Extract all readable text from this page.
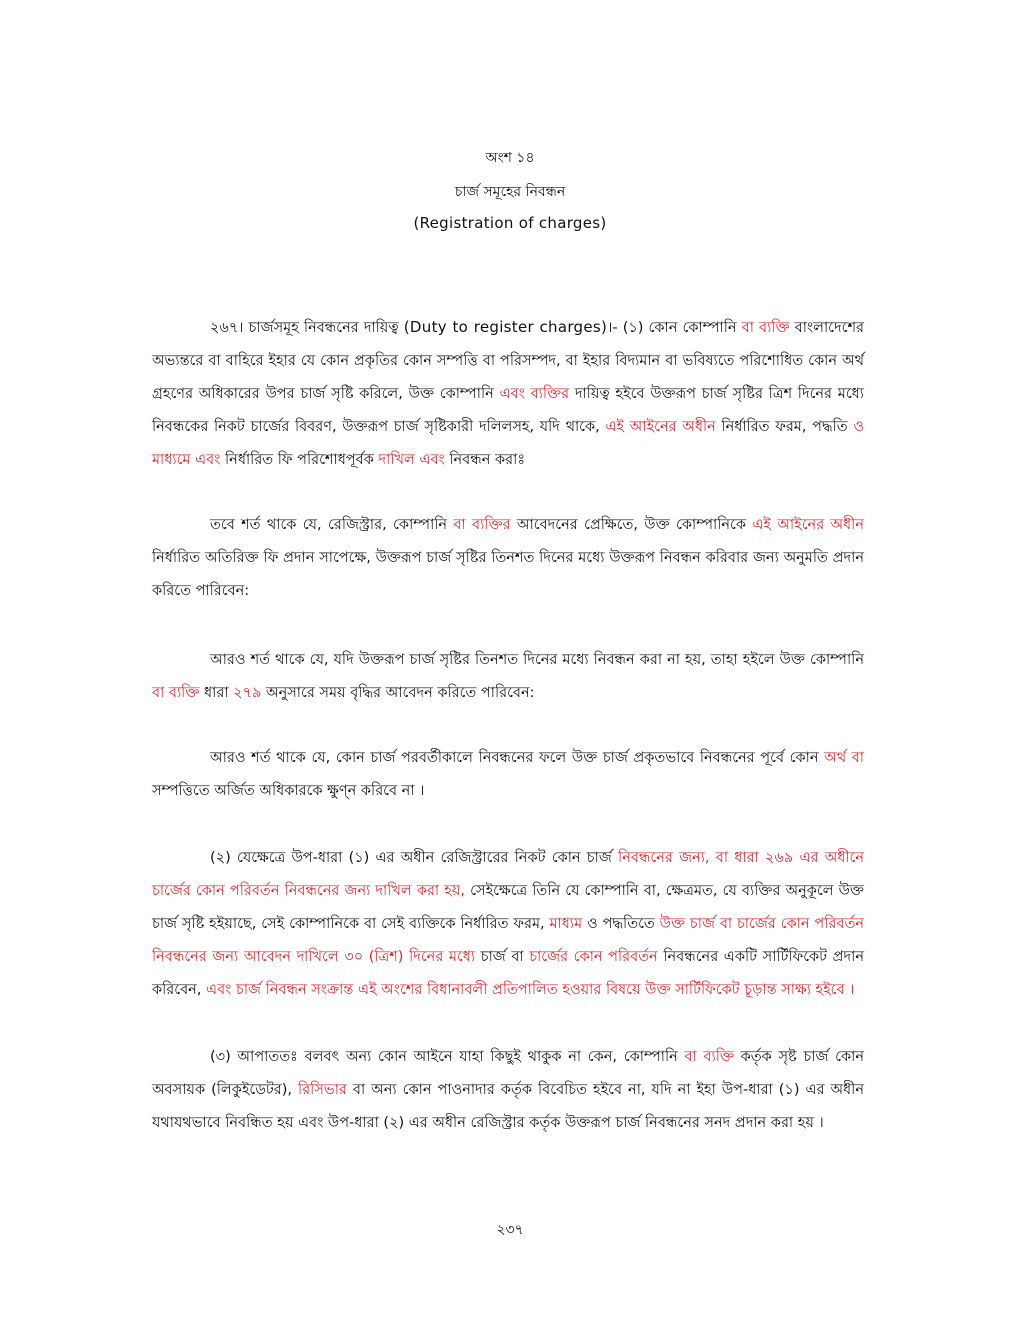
অংশ ১৪
চার্জ সমূহের নিবন্ধন
(Registration of charges)

২৬৭। চার্জসমূহ নিবন্ধনের দায়িত্ব (Duty to register charges)।- (১) কোন কোম্পানি বা ব্যক্তি বাংলাদেশের অভ্যন্তরে বা বাহিরে ইহার যে কোন প্রকৃতির কোন সম্পত্তি বা পরিসম্পদ, বা ইহার বিদ্যমান বা ভবিষ্যতে পরিশোধিত কোন অর্থ গ্রহণের অধিকারের উপর চার্জ সৃষ্টি করিলে, উক্ত কোম্পানি এবং ব্যক্তির দায়িত্ব হইবে উক্তরূপ চার্জ সৃষ্টির ত্রিশ দিনের মধ্যে নিবন্ধকের নিকট চার্জের বিবরণ, উক্তরূপ চার্জ সৃষ্টিকারী দলিলসহ, যদি থাকে, এই আইনের অধীন নির্ধারিত ফরম, পদ্ধতি ও মাধ্যমে এবং নির্ধারিত ফি পরিশোধপূর্বক দাখিল এবং নিবন্ধন করাঃ

তবে শর্ত থাকে যে, রেজিস্ট্রার, কোম্পানি বা ব্যক্তির আবেদনের প্রেক্ষিতে, উক্ত কোম্পানিকে এই আইনের অধীন নির্ধারিত অতিরিক্ত ফি প্রদান সাপেক্ষে, উক্তরূপ চার্জ সৃষ্টির তিনশত দিনের মধ্যে উক্তরূপ নিবন্ধন করিবার জন্য অনুমতি প্রদান করিতে পারিবেন:

আরও শর্ত থাকে যে, যদি উক্তরূপ চার্জ সৃষ্টির তিনশত দিনের মধ্যে নিবন্ধন করা না হয়, তাহা হইলে উক্ত কোম্পানি বা ব্যক্তি ধারা ২৭৯ অনুসারে সময় বৃদ্ধির আবেদন করিতে পারিবেন:

আরও শর্ত থাকে যে, কোন চার্জ পরবর্তীকালে নিবন্ধনের ফলে উক্ত চার্জ প্রকৃতভাবে নিবন্ধনের পূর্বে কোন অর্থ বা সম্পত্তিতে অর্জিত অধিকারকে ক্ষুণ্ন করিবে না ।

(২) যেক্ষেত্রে উপ-ধারা (১) এর অধীন রেজিস্ট্রারের নিকট কোন চার্জ নিবন্ধনের জন্য, বা ধারা ২৬৯ এর অধীনে চার্জের কোন পরিবর্তন নিবন্ধনের জন্য দাখিল করা হয়, সেইক্ষেত্রে তিনি যে কোম্পানি বা, ক্ষেত্রমত, যে ব্যক্তির অনুকূলে উক্ত চার্জ সৃষ্টি হইয়াছে, সেই কোম্পানিকে বা সেই ব্যক্তিকে নির্ধারিত ফরম, মাধ্যম ও পদ্ধতিতে উক্ত চার্জ বা চার্জের কোন পরিবর্তন নিবন্ধনের জন্য আবেদন দাখিলে ৩০ (ত্রিশ) দিনের মধ্যে চার্জ বা চার্জের কোন পরিবর্তন নিবন্ধনের একটি সার্টিফিকেট প্রদান করিবেন, এবং চার্জ নিবন্ধন সংক্রান্ত এই অংশের বিধানাবলী প্রতিপালিত হওয়ার বিষয়ে উক্ত সার্টিফিকেট চূড়ান্ত সাক্ষ্য হইবে ।

(৩) আপাততঃ বলবৎ অন্য কোন আইনে যাহা কিছুই থাকুক না কেন, কোম্পানি বা ব্যক্তি কর্তৃক সৃষ্ট চার্জ কোন অবসায়ক (লিকুইডেটর), রিসিভার বা অন্য কোন পাওনাদার কর্তৃক বিবেচিত হইবে না, যদি না ইহা উপ-ধারা (১) এর অধীন যথাযথভাবে নিবন্ধিত হয় এবং উপ-ধারা (২) এর অধীন রেজিস্ট্রার কর্তৃক উক্তরূপ চার্জ নিবন্ধনের সনদ প্রদান করা হয় ।

২৩৭
